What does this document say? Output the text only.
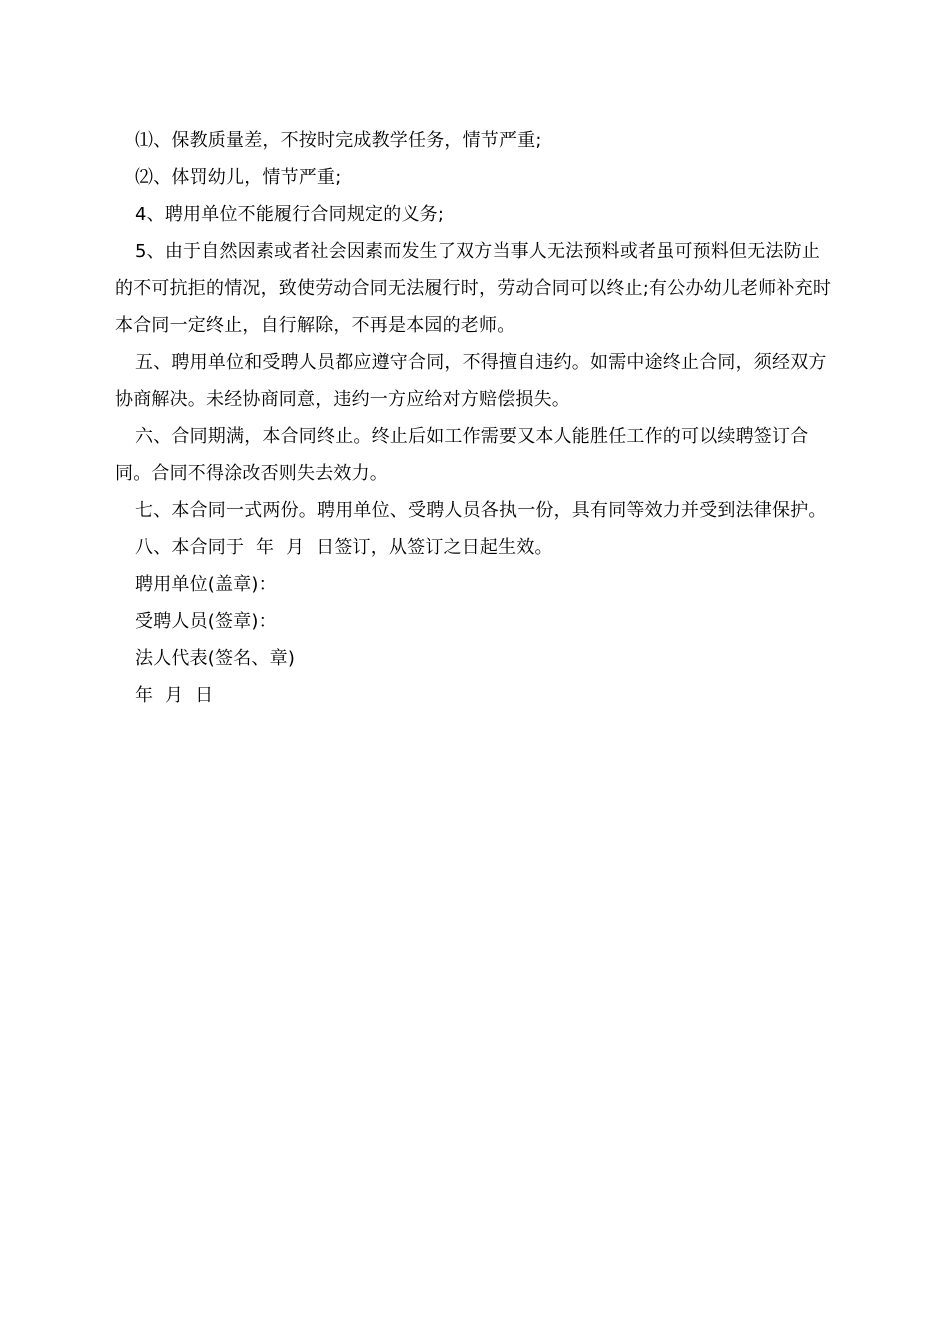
⑴、保教质量差，不按时完成教学任务，情节严重;

⑵、体罚幼儿，情节严重;

4、聘用单位不能履行合同规定的义务;

5、由于自然因素或者社会因素而发生了双方当事人无法预料或者虽可预料但无法防止的不可抗拒的情况，致使劳动合同无法履行时，劳动合同可以终止;有公办幼儿老师补充时本合同一定终止，自行解除，不再是本园的老师。

五、聘用单位和受聘人员都应遵守合同，不得擅自违约。如需中途终止合同，须经双方协商解决。未经协商同意，违约一方应给对方赔偿损失。

六、合同期满，本合同终止。终止后如工作需要又本人能胜任工作的可以续聘签订合同。合同不得涂改否则失去效力。

七、本合同一式两份。聘用单位、受聘人员各执一份，具有同等效力并受到法律保护。

八、本合同于  年  月  日签订，从签订之日起生效。

聘用单位(盖章)：

受聘人员(签章)：

法人代表(签名、章)

年  月  日
